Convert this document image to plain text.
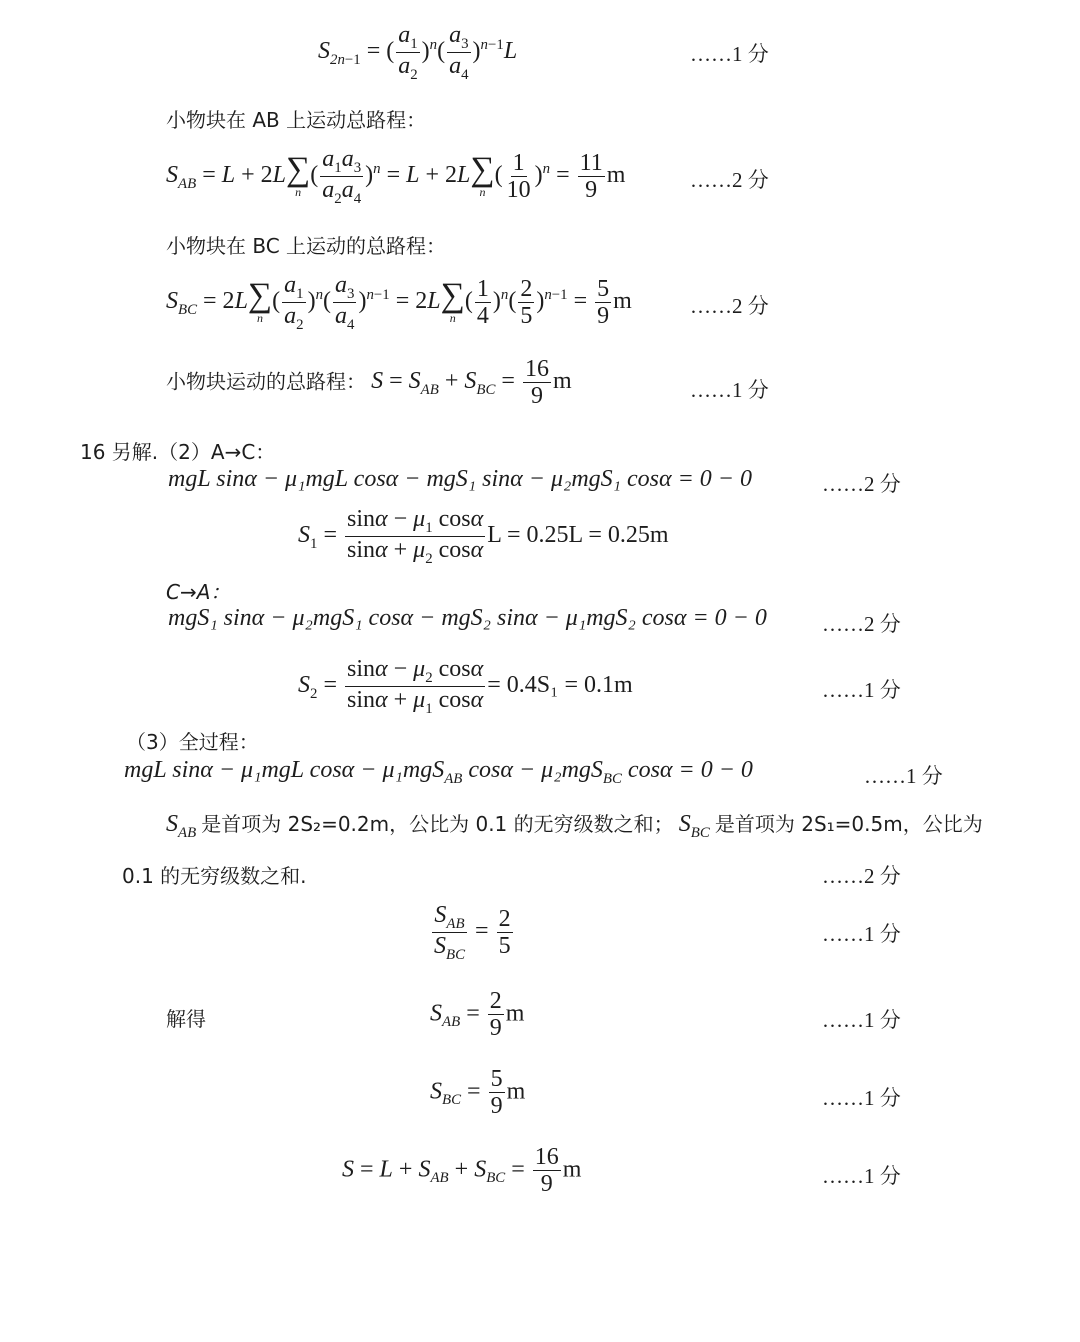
$S_{2n-1}$ = ( $\frac{a_1}{a_2} )^n( \frac{a_3}{a_4} )^{n-1}L$	……1 分
小物块在 AB 上运动总路程：
$S_{AB} = L + 2L$ ∑
n
( $\frac{a_1a_3}{a_2a_4} )^n = L + 2L$ ∑
n
( $\frac{1}{10} )^n = \frac{11}{9}$ m	……2 分
小物块在 BC 上运动的总路程：
$S_{BC} = 2L$ ∑
n
( $\frac{a_1}{a_2} )^n( \frac{a_3}{a_4} )^{n-1} = 2L$ ∑
n
( $\frac{1}{4} )^n( \frac{2}{5} )^{n-1} = \frac{5}{9}$ m	……2 分
小物块运动的总路程： $S = S_{AB} + S_{BC} = \frac{16}{9}$ m	……1 分
16 另解.（2）A→C：
mgL sinα − μ₁mgL cosα − mgS₁ sinα − μ₂mgS₁ cosα = 0 − 0	……2 分
$S_1 = \frac{\sin\alpha - \mu_1 \cos\alpha}{\sin\alpha + \mu_2 \cos\alpha}$ L = 0.25L = 0.25m
C→A：
mgS₁ sinα − μ₂mgS₁ cosα − mgS₂ sinα − μ₁mgS₂ cosα = 0 − 0	……2 分
$S_2 = \frac{\sin\alpha - \mu_2 \cos\alpha}{\sin\alpha + \mu_1 \cos\alpha} = 0.4S_1 = 0.1m$	……1 分
（3）全过程：
mgL sinα − μ₁mgL cosα − μ₁mgS$_{AB}$ cosα − μ₂mgS$_{BC}$ cosα = 0 − 0	……1 分
$S_{AB}$ 是首项为 2S₂=0.2m，公比为 0.1 的无穷级数之和； $S_{BC}$ 是首项为 2S₁=0.5m，公比为
0.1 的无穷级数之和.	……2 分
$\frac{S_{AB}}{S_{BC}} = \frac{2}{5}$	……1 分
解得	$S_{AB} = \frac{2}{9}$ m	……1 分
$S_{BC} = \frac{5}{9}$ m	……1 分
$S = L + S_{AB} + S_{BC} = \frac{16}{9}$ m	……1 分
